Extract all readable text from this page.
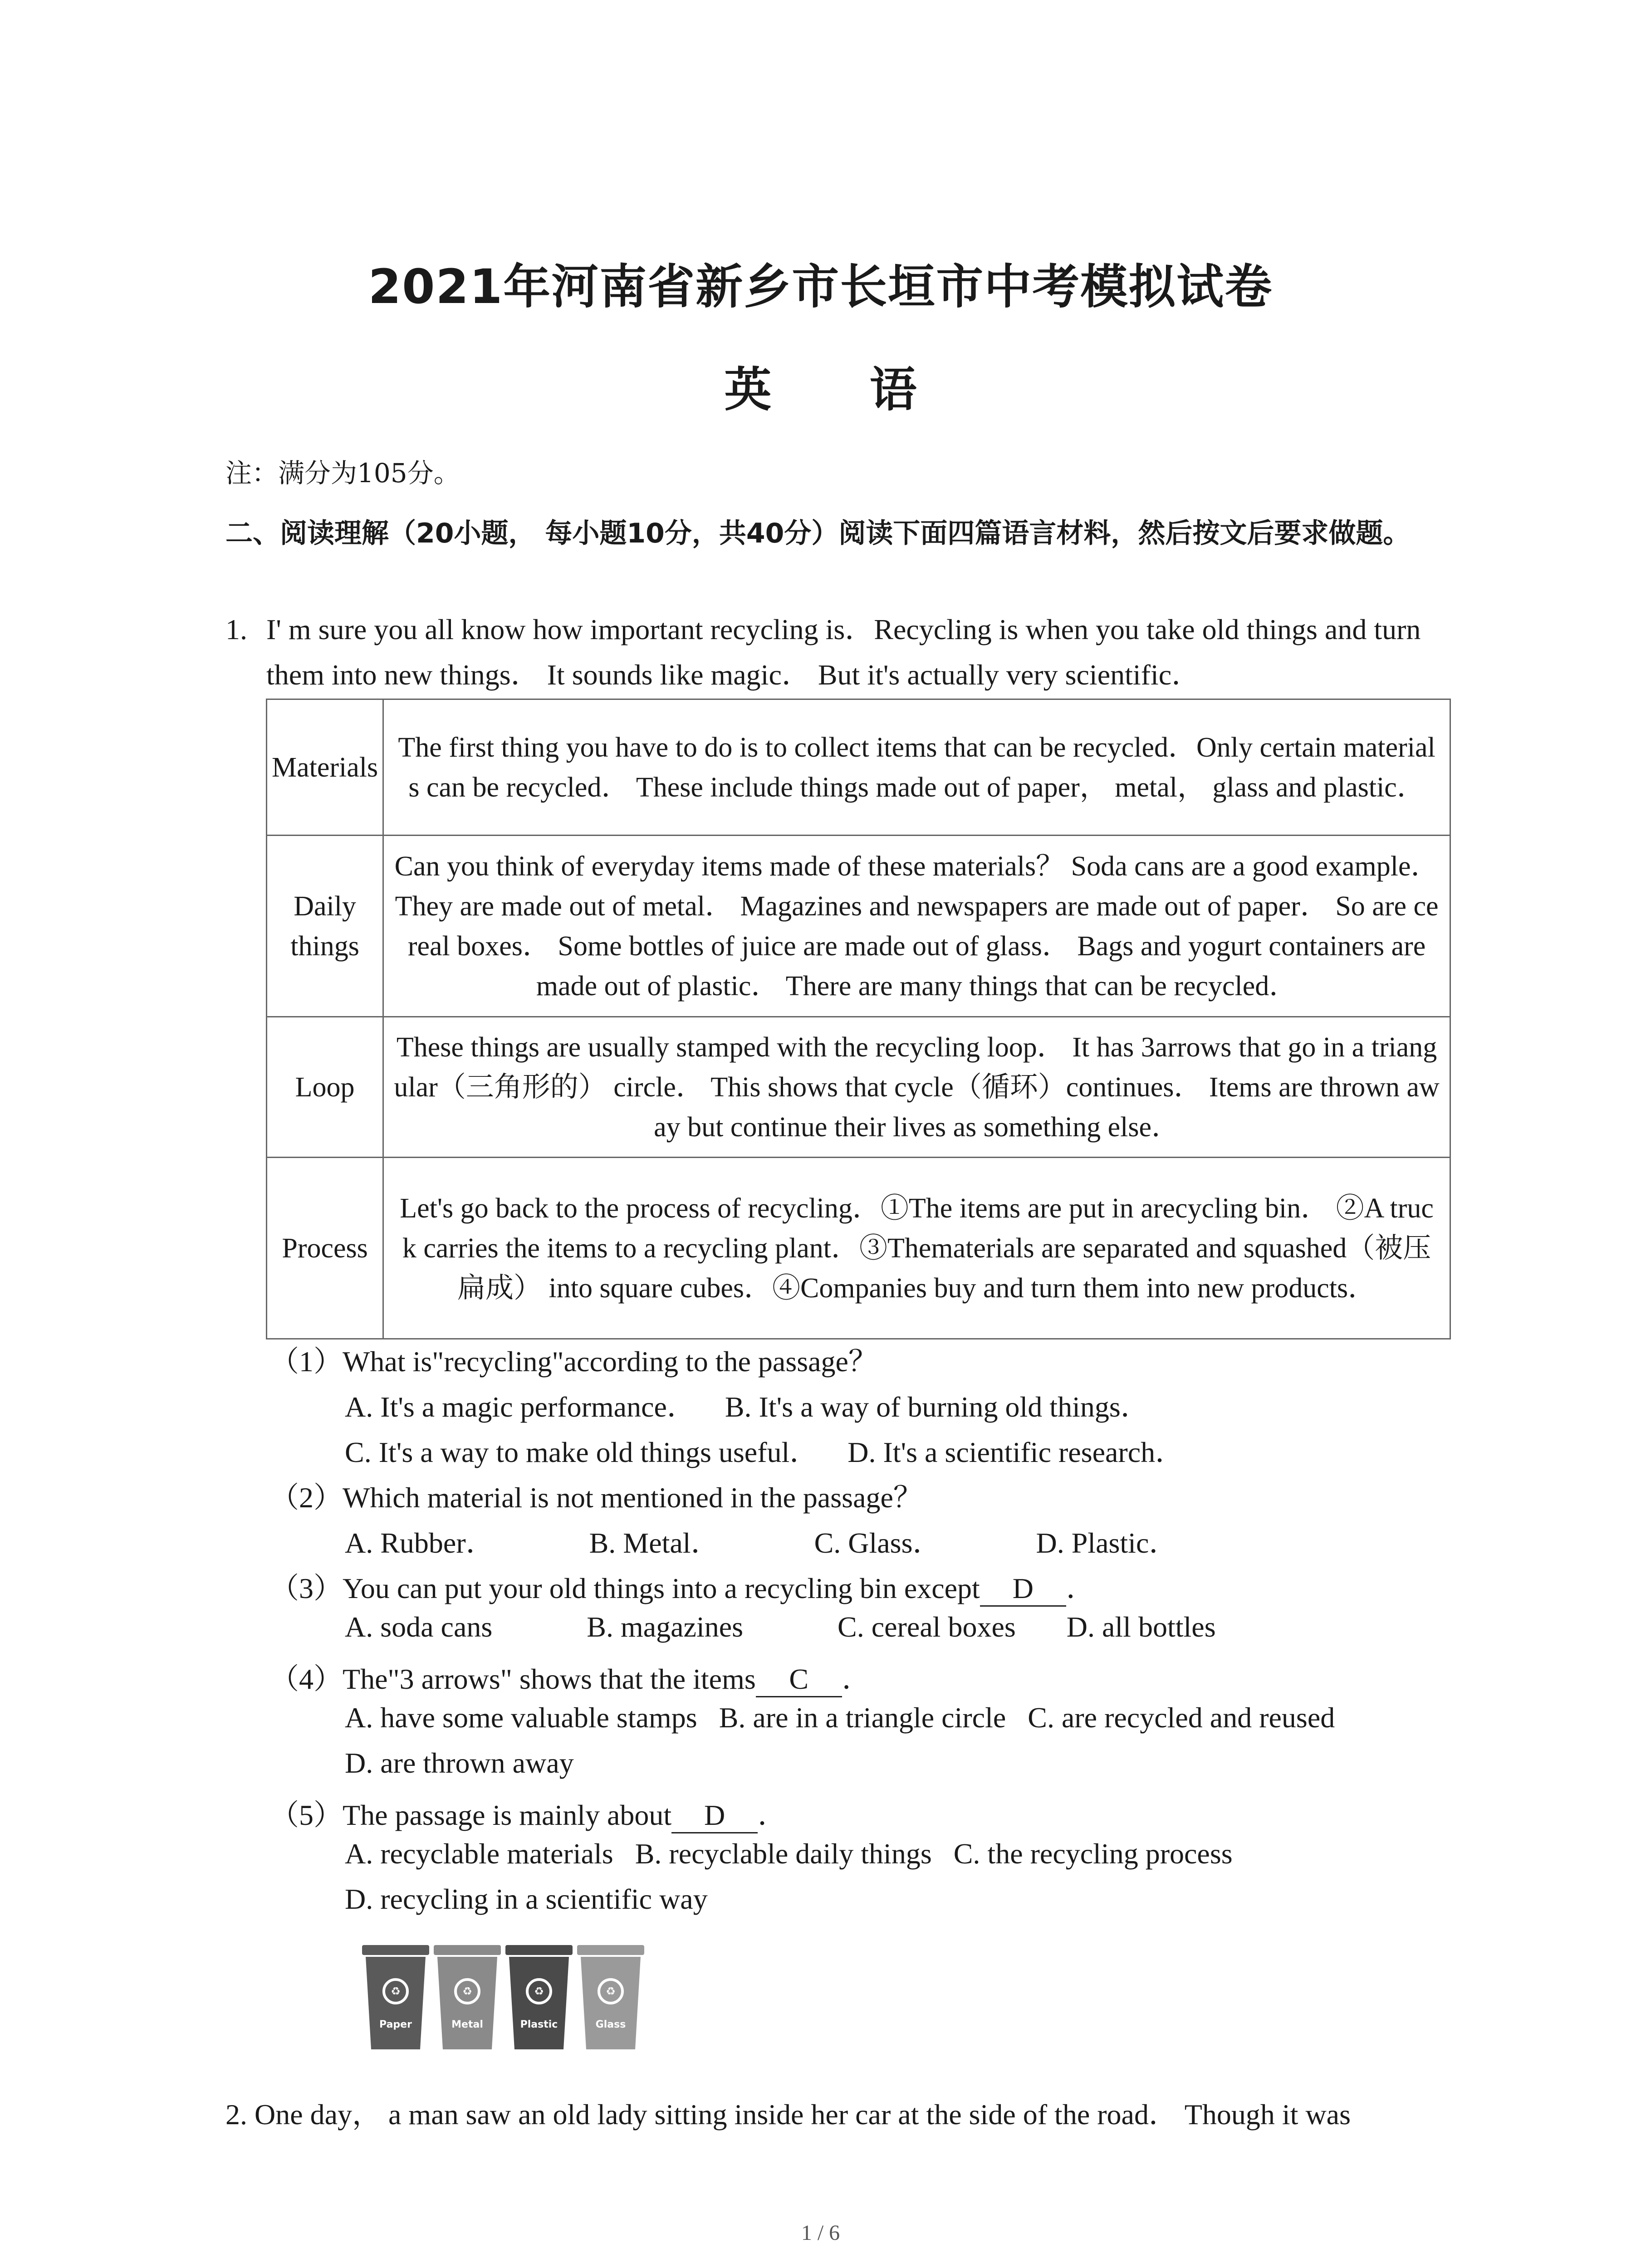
2021年河南省新乡市长垣市中考模拟试卷
英 语
注：满分为105分。
二、阅读理解（20小题， 每小题10分，共40分）阅读下面四篇语言材料，然后按文后要求做题。
1. I' m sure you all know how important recycling is．Recycling is when you take old things and turn them into new things． It sounds like magic． But it's actually very scientific．
Materials	The first thing you have to do is to collect items that can be recycled．Only certain materials can be recycled． These include things made out of paper， metal， glass and plastic．
Daily things	Can you think of everyday items made of these materials？ Soda cans are a good example． They are made out of metal． Magazines and newspapers are made out of paper． So are cereal boxes． Some bottles of juice are made out of glass． Bags and yogurt containers are made out of plastic． There are many things that can be recycled．
Loop	These things are usually stamped with the recycling loop． It has 3arrows that go in a triangular（三角形的） circle． This shows that cycle（循环）continues． Items are thrown away but continue their lives as something else．
Process	Let's go back to the process of recycling．①The items are put in arecycling bin． ②A truck carries the items to a recycling plant．③Thematerials are separated and squashed（被压扁成） into square cubes．④Companies buy and turn them into new products．
（1）What is"recycling"according to the passage？
A. It's a magic performance．    B. It's a way of burning old things．
C. It's a way to make old things useful．    D. It's a scientific research．
（2）Which material is not mentioned in the passage？
A. Rubber．             B. Metal．             C. Glass．             D. Plastic．
（3）You can put your old things into a recycling bin except D ．
A. soda cans             B. magazines             C. cereal boxes       D. all bottles
（4）The"3 arrows" shows that the items C ．
A. have some valuable stamps   B. are in a triangle circle   C. are recycled and reused
D. are thrown away
（5）The passage is mainly about D ．
A. recyclable materials   B. recyclable daily things   C. the recycling process
D. recycling in a scientific way
♻
Paper
♻
Metal
♻
Plastic
♻
Glass
2. One day， a man saw an old lady sitting inside her car at the side of the road． Though it was
1 / 6
